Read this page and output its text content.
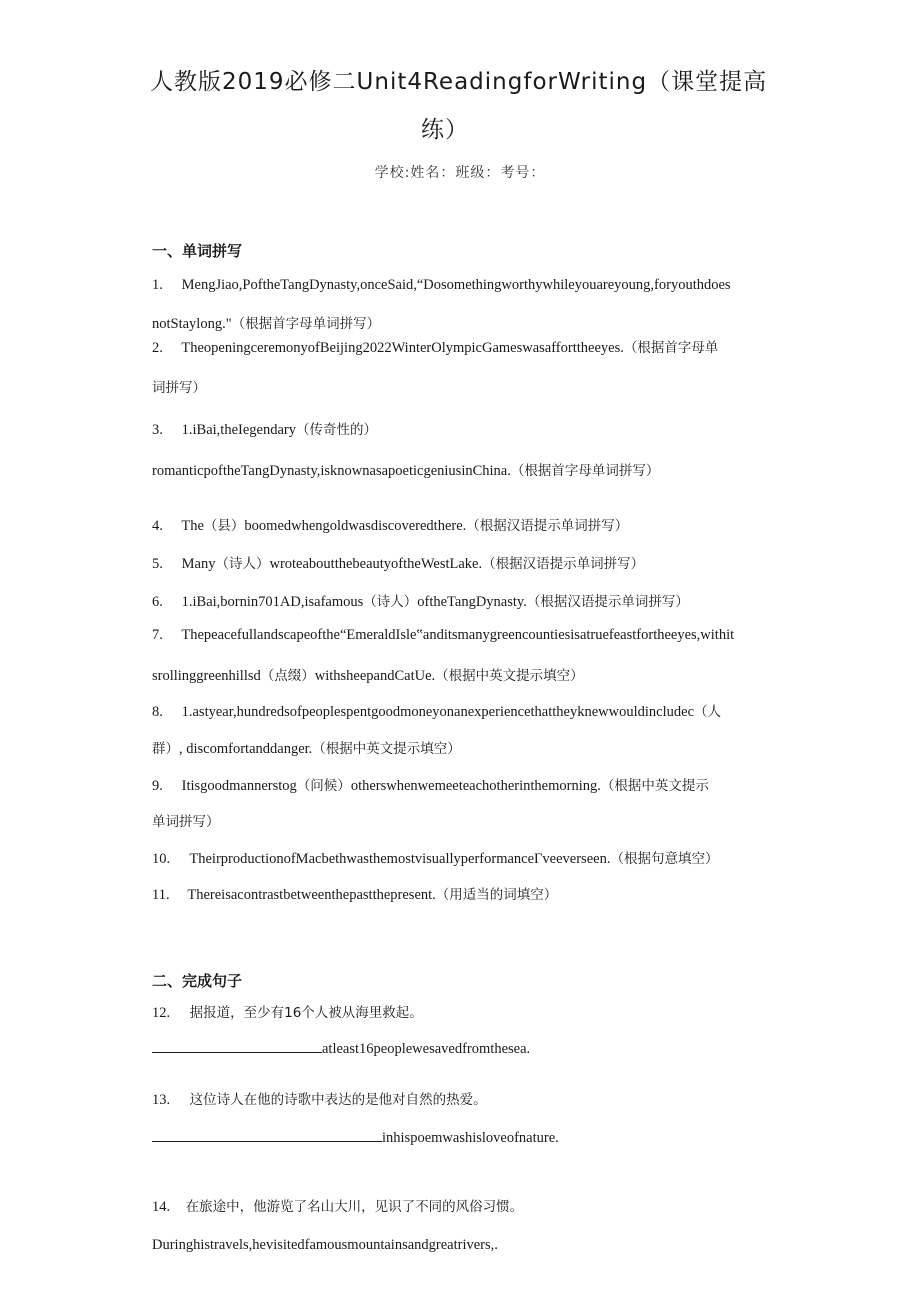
人教版2019必修二Unit4ReadingforWriting（课堂提高
练）
学校:姓名：班级：考号：
一、单词拼写
1. MengJiao,PoftheTangDynasty,onceSaid,“Dosomethingworthywhileyouareyoung,foryouthdoes
notStaylong."（根据首字母单词拼写）
2. TheopeningceremonyofBeijing2022WinterOlympicGameswasafforttheeyes.（根据首字母单
词拼写）
3. 1.iBai,theIegendary（传奇性的）
romanticpoftheTangDynasty,isknownasapoeticgeniusinChina.（根据首字母单词拼写）
4. The（县）boomedwhengoldwasdiscoveredthere.（根据汉语提示单词拼写）
5. Many（诗人）wroteaboutthebeautyoftheWestLake.（根据汉语提示单词拼写）
6. 1.iBai,bornin701AD,isafamous（诗人）oftheTangDynasty.（根据汉语提示单词拼写）
7. Thepeacefullandscapeofthe“EmeraldIsle‟anditsmanygreencountiesisatruefeastfortheeyes,withit
srollinggreenhillsd（点缀）withsheepandCatUe.（根据中英文提示填空）
8. 1.astyear,hundredsofpeoplespentgoodmoneyonanexperiencethattheyknewwouldincludec（人
群）, discomfortanddanger.（根据中英文提示填空）
9. Itisgoodmannerstog（问候）otherswhenwemeeteachotherinthemorning.（根据中英文提示
单词拼写）
10. TheirproductionofMacbethwasthemostvisuallyperformanceΓveeverseen.（根据句意填空）
11. Thereisacontrastbetweenthepastthepresent.（用适当的词填空）
二、完成句子
12. 据报道，至少有16个人被从海里救起。
atleast16peoplewesavedfromthesea.
13. 这位诗人在他的诗歌中表达的是他对自然的热爱。
inhispoemwashisloveofnature.
14. 在旅途中，他游览了名山大川，见识了不同的风俗习惯。
Duringhistravels,hevisitedfamousmountainsandgreatrivers,.
